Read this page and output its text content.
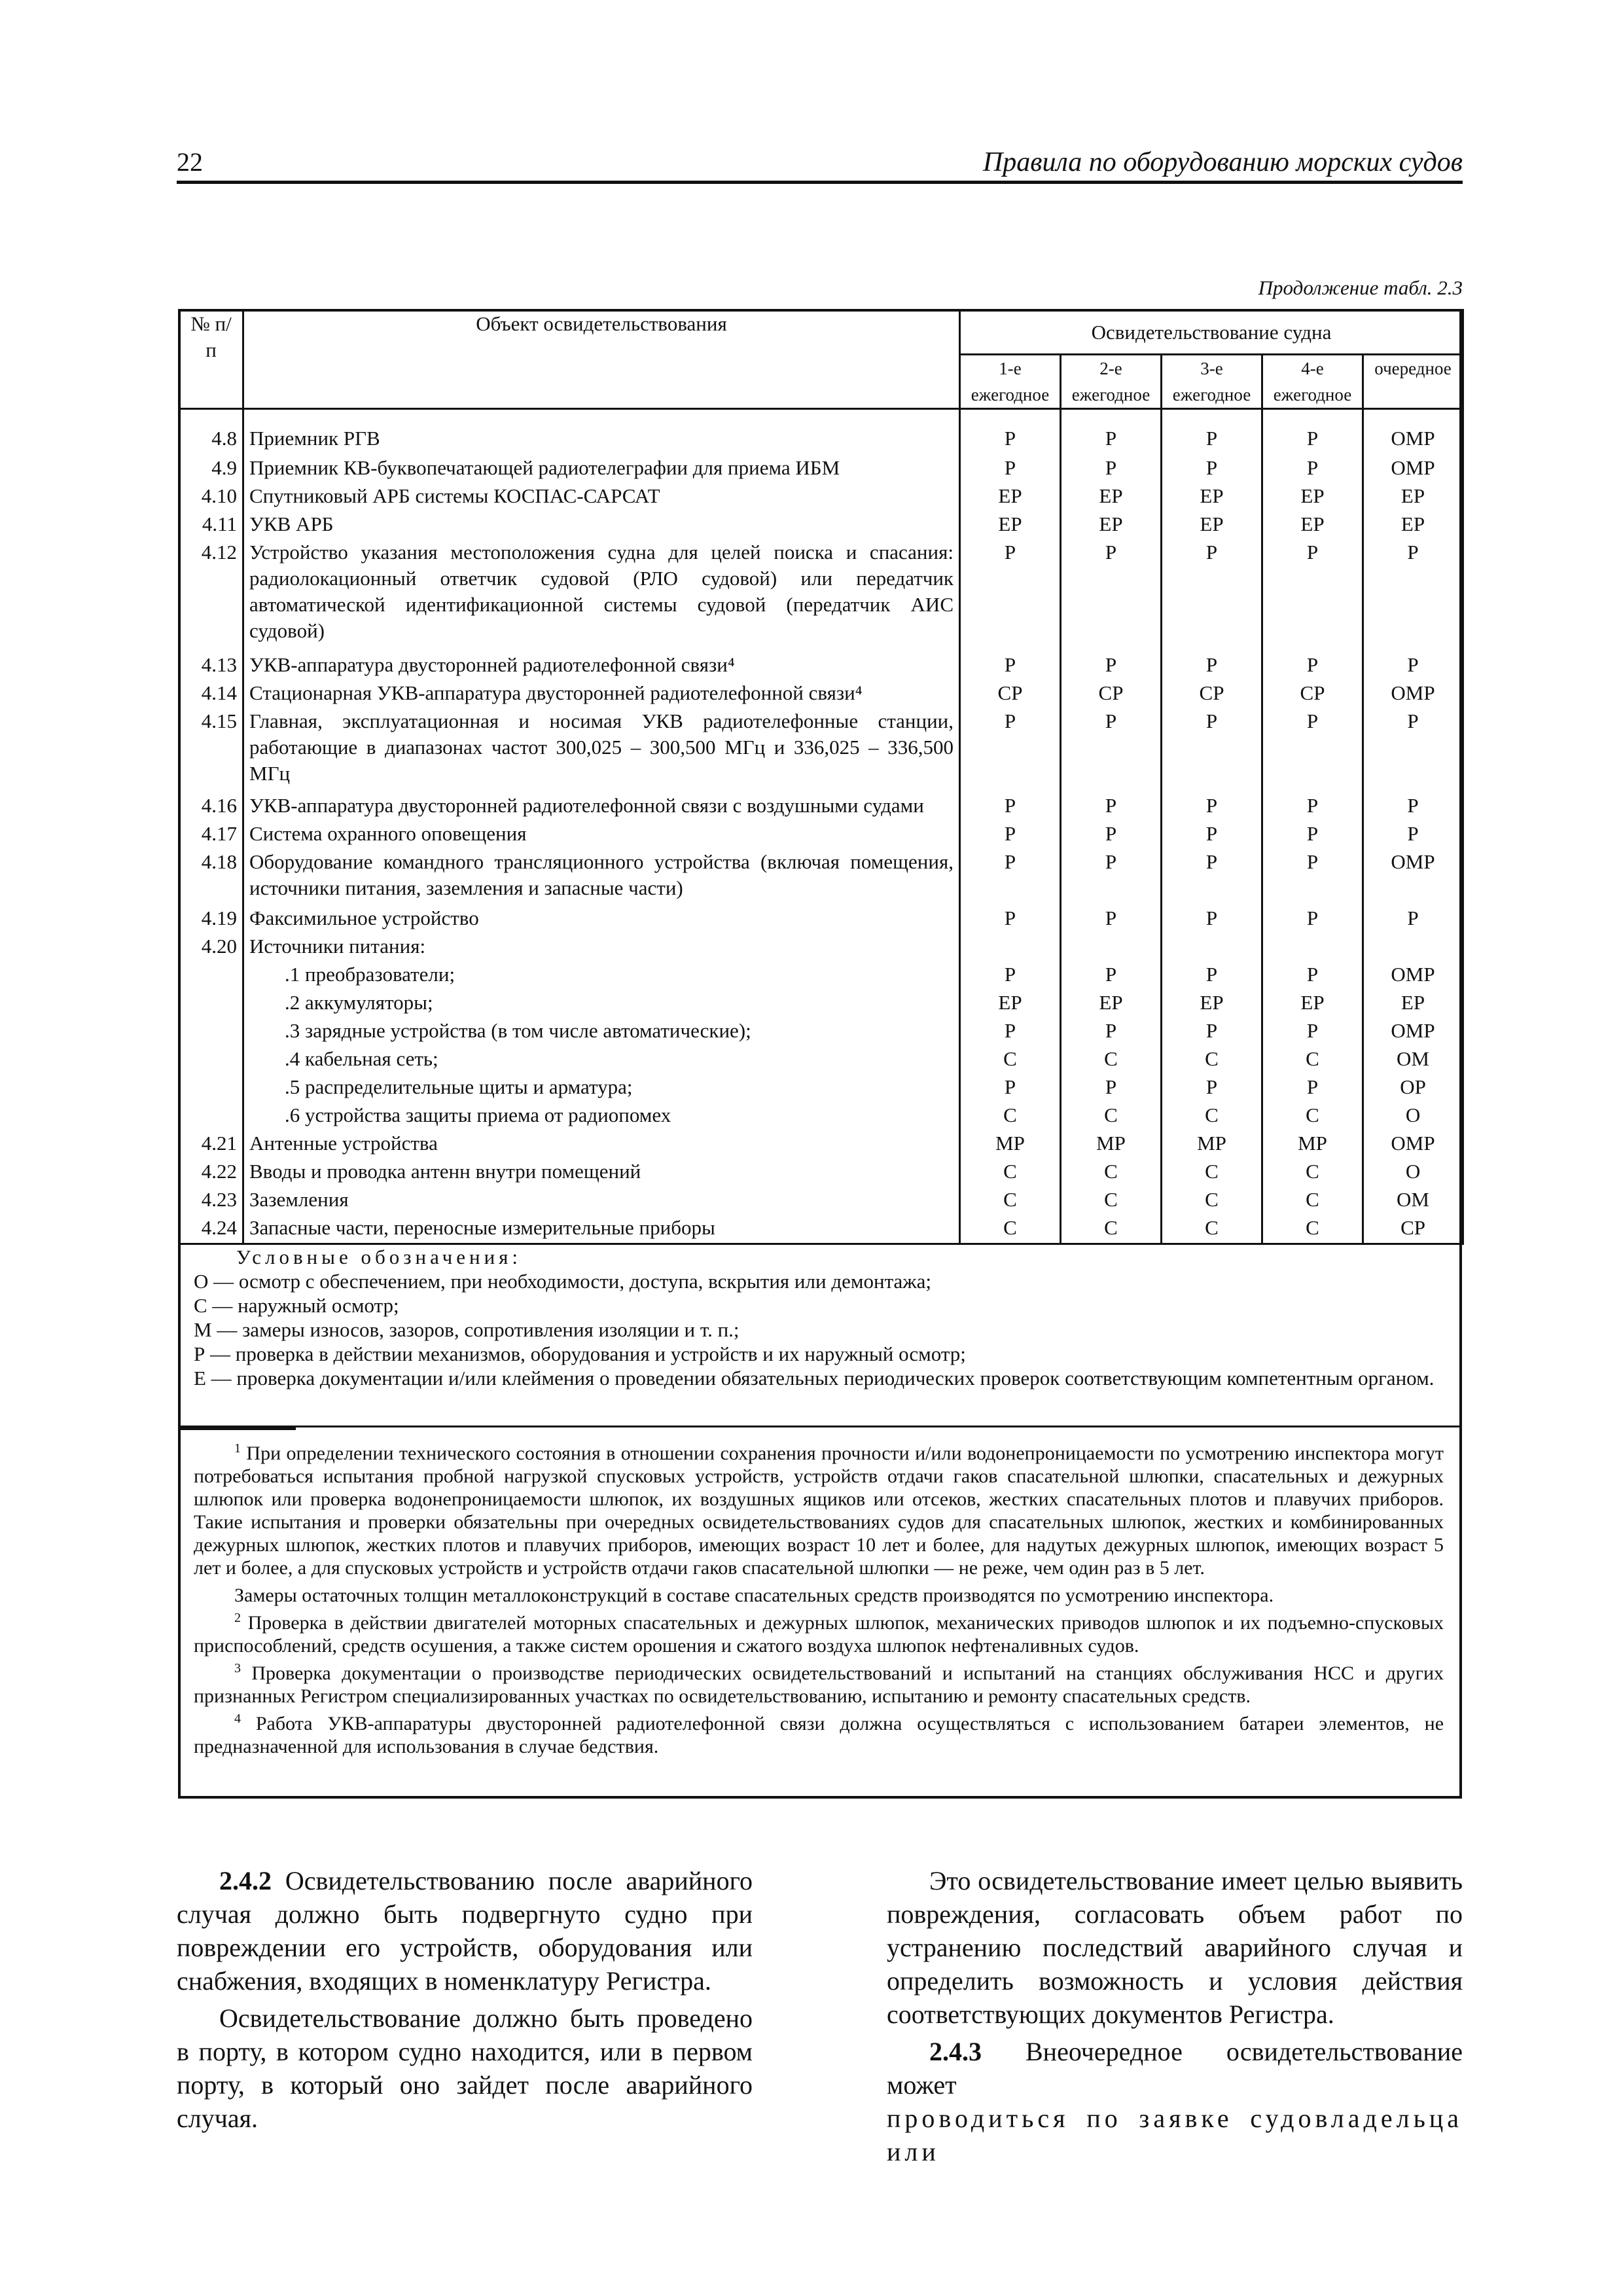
22	Правила по оборудованию морских судов
Продолжение табл. 2.3
№ п/п	Объект освидетельствования	Освидетельствование судна				
		1-е ежегодное	2-е ежегодное	3-е ежегодное	4-е ежегодное	очередное
4.8	Приемник РГВ	Р	Р	Р	Р	ОМР
4.9	Приемник КВ-буквопечатающей радиотелеграфии для приема ИБМ	Р	Р	Р	Р	ОМР
4.10	Спутниковый АРБ системы КОСПАС-САРСАТ	ЕР	ЕР	ЕР	ЕР	ЕР
4.11	УКВ АРБ	ЕР	ЕР	ЕР	ЕР	ЕР
4.12	Устройство указания местоположения судна для целей поиска и спасания: радиолокационный ответчик судовой (РЛО судовой) или передатчик автоматической идентификационной системы судовой (передатчик АИС судовой)	Р	Р	Р	Р	Р
4.13	УКВ-аппаратура двусторонней радиотелефонной связи⁴	Р	Р	Р	Р	Р
4.14	Стационарная УКВ-аппаратура двусторонней радиотелефонной связи⁴	СР	СР	СР	СР	ОМР
4.15	Главная, эксплуатационная и носимая УКВ радиотелефонные станции, работающие в диапазонах частот 300,025 – 300,500 МГц и 336,025 – 336,500 МГц	Р	Р	Р	Р	Р
4.16	УКВ-аппаратура двусторонней радиотелефонной связи с воздушными судами	Р	Р	Р	Р	Р
4.17	Система охранного оповещения	Р	Р	Р	Р	Р
4.18	Оборудование командного трансляционного устройства (включая помещения, источники питания, заземления и запасные части)	Р	Р	Р	Р	ОМР
4.19	Факсимильное устройство	Р	Р	Р	Р	Р
4.20	Источники питания:					
	.1 преобразователи;	Р	Р	Р	Р	ОМР
	.2 аккумуляторы;	ЕР	ЕР	ЕР	ЕР	ЕР
	.3 зарядные устройства (в том числе автоматические);	Р	Р	Р	Р	ОМР
	.4 кабельная сеть;	С	С	С	С	ОМ
	.5 распределительные щиты и арматура;	Р	Р	Р	Р	ОР
	.6 устройства защиты приема от радиопомех	С	С	С	С	О
4.21	Антенные устройства	МР	МР	МР	МР	ОМР
4.22	Вводы и проводка антенн внутри помещений	С	С	С	С	О
4.23	Заземления	С	С	С	С	ОМ
4.24	Запасные части, переносные измерительные приборы	С	С	С	С	СР

Условные обозначения:
О — осмотр с обеспечением, при необходимости, доступа, вскрытия или демонтажа;
С — наружный осмотр;
М — замеры износов, зазоров, сопротивления изоляции и т. п.;
Р — проверка в действии механизмов, оборудования и устройств и их наружный осмотр;
Е — проверка документации и/или клеймения о проведении обязательных периодических проверок соответствующим компетентным органом.

$^1$ При определении технического состояния в отношении сохранения прочности и/или водонепроницаемости по усмотрению инспектора могут потребоваться испытания пробной нагрузкой спусковых устройств, устройств отдачи гаков спасательной шлюпки, спасательных и дежурных шлюпок или проверка водонепроницаемости шлюпок, их воздушных ящиков или отсеков, жестких спасательных плотов и плавучих приборов. Такие испытания и проверки обязательны при очередных освидетельствованиях судов для спасательных шлюпок, жестких и комбинированных дежурных шлюпок, жестких плотов и плавучих приборов, имеющих возраст 10 лет и более, для надутых дежурных шлюпок, имеющих возраст 5 лет и более, а для спусковых устройств и устройств отдачи гаков спасательной шлюпки — не реже, чем один раз в 5 лет.

Замеры остаточных толщин металлоконструкций в составе спасательных средств производятся по усмотрению инспектора.

$^2$ Проверка в действии двигателей моторных спасательных и дежурных шлюпок, механических приводов шлюпок и их подъемно-спусковых приспособлений, средств осушения, а также систем орошения и сжатого воздуха шлюпок нефтеналивных судов.

$^3$ Проверка документации о производстве периодических освидетельствований и испытаний на станциях обслуживания НСС и других признанных Регистром специализированных участках по освидетельствованию, испытанию и ремонту спасательных средств.

$^4$ Работа УКВ-аппаратуры двусторонней радиотелефонной связи должна осуществляться с использованием батареи элементов, не предназначенной для использования в случае бедствия.

2.4.2 Освидетельствованию после аварийного случая должно быть подвергнуто судно при повреждении его устройств, оборудования или снабжения, входящих в номенклатуру Регистра.

Освидетельствование должно быть проведено в порту, в котором судно находится, или в первом порту, в который оно зайдет после аварийного случая.

Это освидетельствование имеет целью выявить повреждения, согласовать объем работ по устранению последствий аварийного случая и определить возможность и условия действия соответствующих документов Регистра.

2.4.3 Внеочередное освидетельствование может

проводиться по заявке судовладельца или
